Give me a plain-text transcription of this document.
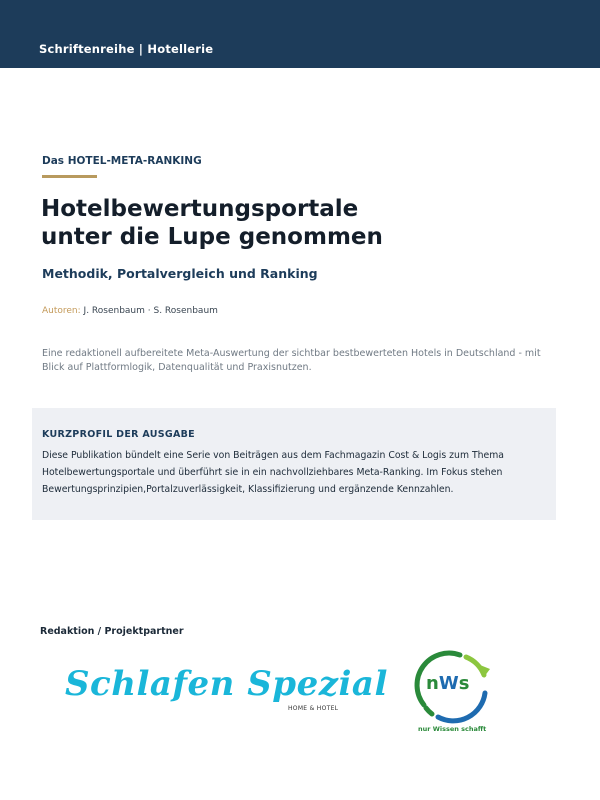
Schriftenreihe | Hotellerie
Das HOTEL-META-RANKING
Hotelbewertungsportale
unter die Lupe genommen
Methodik, Portalvergleich und Ranking
Autoren: J. Rosenbaum · S. Rosenbaum

Eine redaktionell aufbereitete Meta-Auswertung der sichtbar bestbewerteten Hotels in Deutschland - mit Blick auf Plattformlogik, Datenqualität und Praxisnutzen.

KURZPROFIL DER AUSGABE

Diese Publikation bündelt eine Serie von Beiträgen aus dem Fachmagazin Cost & Logis zum Thema Hotelbewertungsportale und überführt sie in ein nachvollziehbares Meta-Ranking. Im Fokus stehen Bewertungsprinzipien,Portalzuverlässigkeit, Klassifizierung und ergänzende Kennzahlen.

Redaktion / Projektpartner
Schlafen Spezial
HOME & HOTEL
nWs
nur Wissen schafft
